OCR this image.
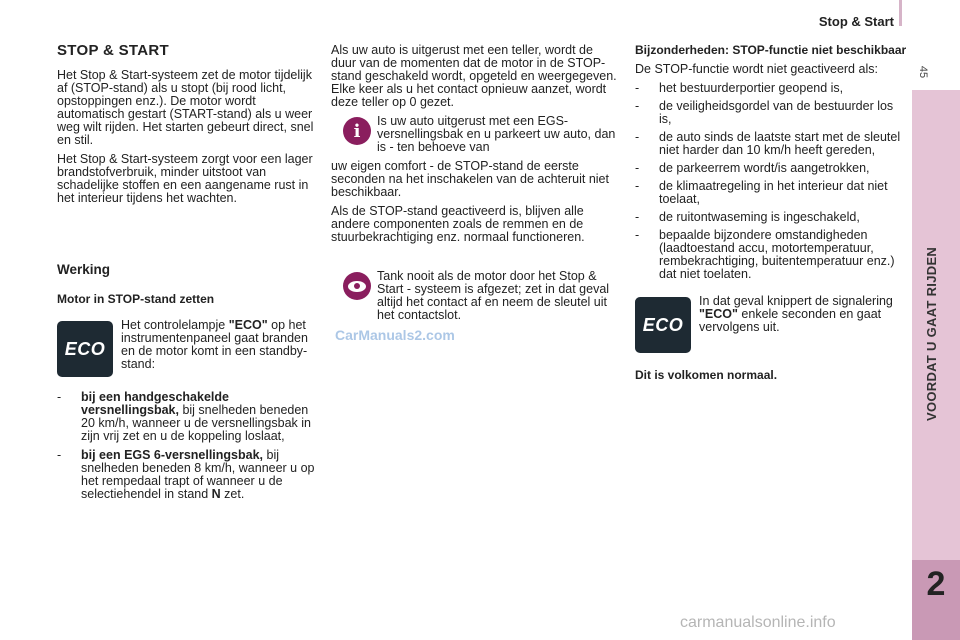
Stop & Start
45
VOORDAT U GAAT RIJDEN
2
STOP & START

Het Stop & Start-systeem zet de motor tijdelijk af (STOP-stand) als u stopt (bij rood licht, opstoppingen enz.). De motor wordt automatisch gestart (START-stand) als u weer weg wilt rijden. Het starten gebeurt direct, snel en stil.

Het Stop & Start-systeem zorgt voor een lager brandstofverbruik, minder uitstoot van schadelijke stoffen en een aangename rust in het interieur tijdens het wachten.

Werking
Motor in STOP-stand zetten
ECO
Het controlelampje "ECO" op het instrumentenpaneel gaat branden en de motor komt in een standby-stand:
- bij een handgeschakelde versnellingsbak, bij snelheden beneden 20 km/h, wanneer u de versnellingsbak in zijn vrij zet en u de koppeling loslaat,
- bij een EGS 6-versnellingsbak, bij snelheden beneden 8 km/h, wanneer u op het rempedaal trapt of wanneer u de selectiehendel in stand N zet.

Als uw auto is uitgerust met een teller, wordt de duur van de momenten dat de motor in de STOP-stand geschakeld wordt, opgeteld en weergegeven. Elke keer als u het contact opnieuw aanzet, wordt deze teller op 0 gezet.

i Is uw auto uitgerust met een EGS-versnellingsbak en u parkeert uw auto, dan is - ten behoeve van

uw eigen comfort - de STOP-stand de eerste seconden na het inschakelen van de achteruit niet beschikbaar.

Als de STOP-stand geactiveerd is, blijven alle andere componenten zoals de remmen en de stuurbekrachtiging enz. normaal functioneren.

Tank nooit als de motor door het Stop & Start - systeem is afgezet; zet in dat geval altijd het contact af en neem de sleutel uit het contactslot.

Bijzonderheden: STOP-functie niet beschikbaar

De STOP-functie wordt niet geactiveerd als:

- het bestuurderportier geopend is,
- de veiligheidsgordel van de bestuurder los is,
- de auto sinds de laatste start met de sleutel niet harder dan 10 km/h heeft gereden,
- de parkeerrem wordt/is aangetrokken,
- de klimaatregeling in het interieur dat niet toelaat,
- de ruitontwaseming is ingeschakeld,
- bepaalde bijzondere omstandigheden (laadtoestand accu, motortemperatuur, rembekrachtiging, buitentemperatuur enz.) dat niet toelaten.
ECO
In dat geval knippert de signalering "ECO" enkele seconden en gaat vervolgens uit.
Dit is volkomen normaal.
CarManuals2.com
carmanualsonline.info
